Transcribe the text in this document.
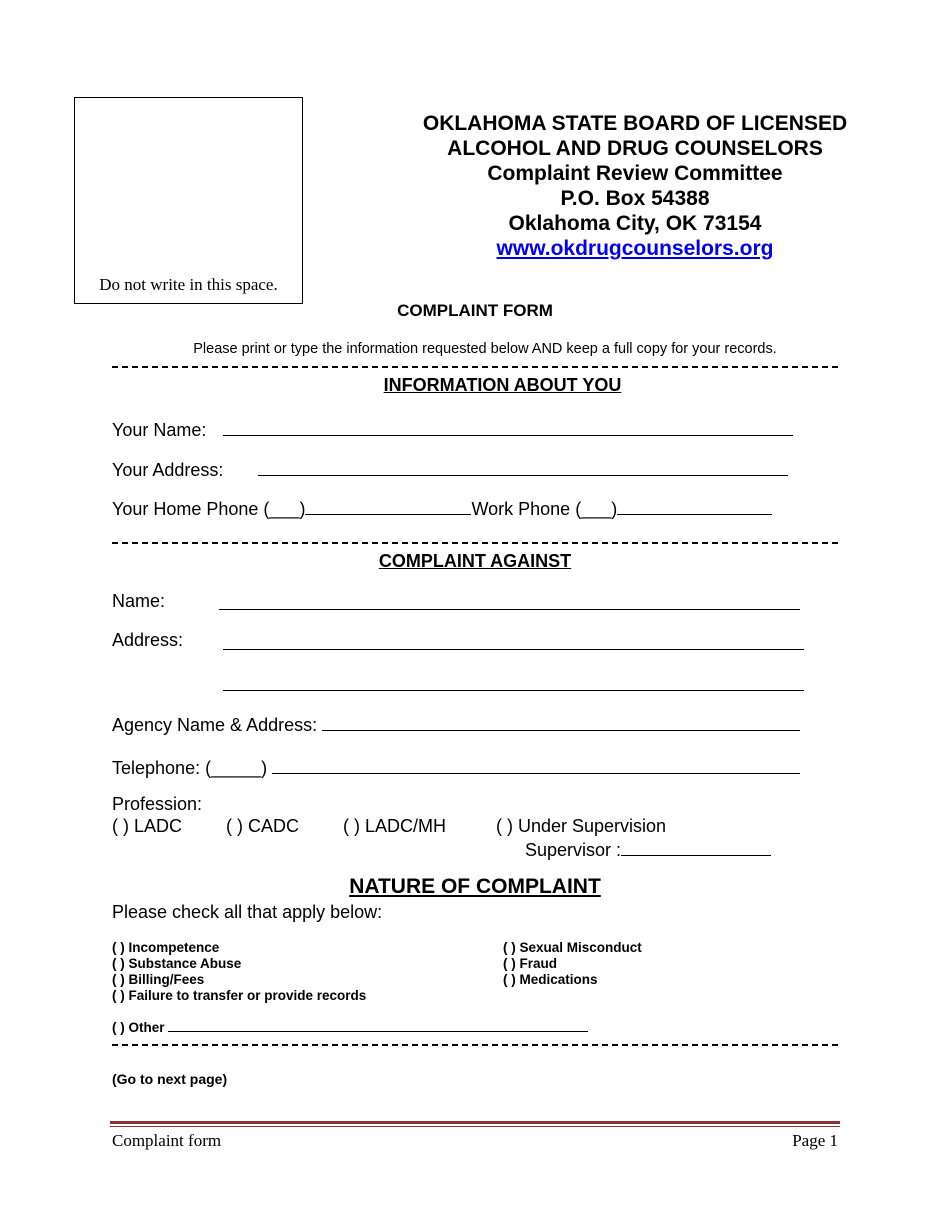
Do not write in this space.
OKLAHOMA STATE BOARD OF LICENSED
ALCOHOL AND DRUG COUNSELORS
Complaint Review Committee
P.O. Box 54388
Oklahoma City, OK 73154
www.okdrugcounselors.org
COMPLAINT FORM
Please print or type the information requested below AND keep a full copy for your records.
INFORMATION ABOUT YOU
Your Name:
Your Address:
Your Home Phone (___)	Work Phone (___)
COMPLAINT AGAINST
Name:
Address:
Agency Name & Address:
Telephone: (_____)
Profession:
( ) LADC ( ) CADC ( ) LADC/MH	( ) Under Supervision
Supervisor :
NATURE OF COMPLAINT
Please check all that apply below:
( ) Incompetence
( ) Substance Abuse
( ) Billing/Fees
( ) Failure to transfer or provide records
( ) Sexual Misconduct
( ) Fraud
( ) Medications
( ) Other
(Go to next page)
Complaint form	Page 1
